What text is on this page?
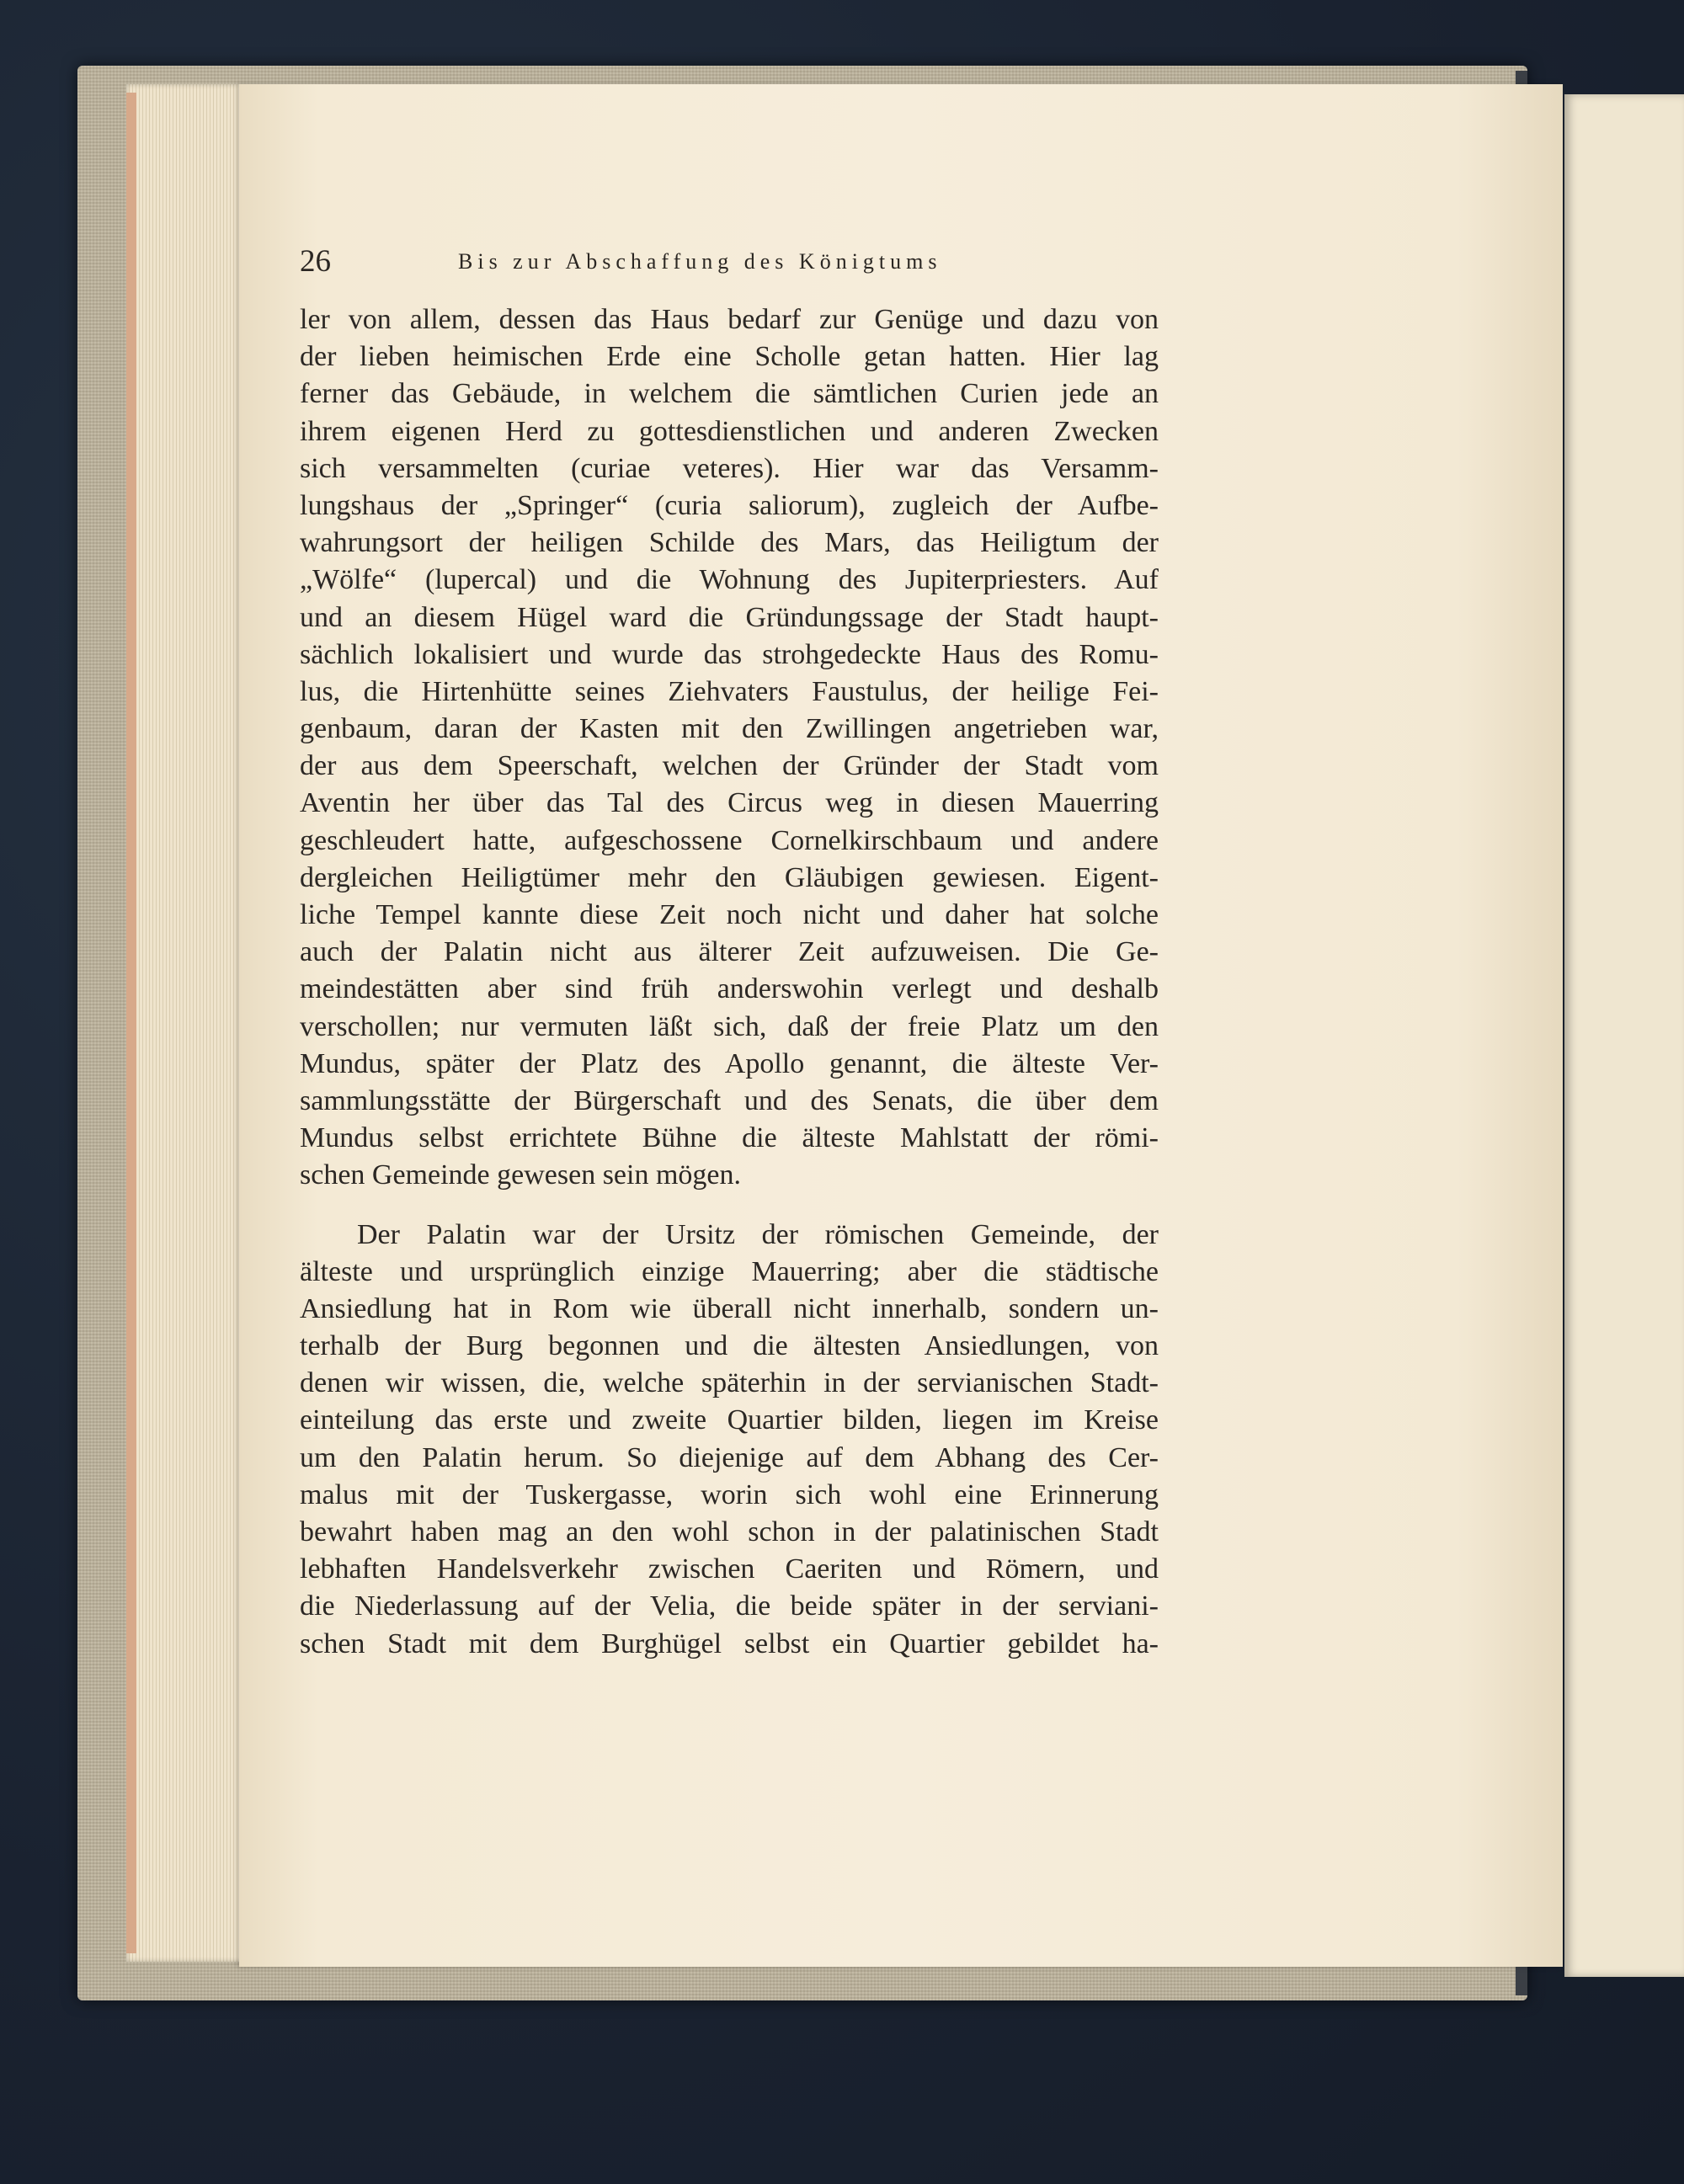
26	Bis zur Abschaffung des Königtums
ler von allem, dessen das Haus bedarf zur Genüge und dazu von
der lieben heimischen Erde eine Scholle getan hatten. Hier lag
ferner das Gebäude, in welchem die sämtlichen Curien jede an
ihrem eigenen Herd zu gottesdienstlichen und anderen Zwecken
sich versammelten (curiae veteres). Hier war das Versamm-
lungshaus der „Springer“ (curia saliorum), zugleich der Aufbe-
wahrungsort der heiligen Schilde des Mars, das Heiligtum der
„Wölfe“ (lupercal) und die Wohnung des Jupiterpriesters. Auf
und an diesem Hügel ward die Gründungssage der Stadt haupt-
sächlich lokalisiert und wurde das strohgedeckte Haus des Romu-
lus, die Hirtenhütte seines Ziehvaters Faustulus, der heilige Fei-
genbaum, daran der Kasten mit den Zwillingen angetrieben war,
der aus dem Speerschaft, welchen der Gründer der Stadt vom
Aventin her über das Tal des Circus weg in diesen Mauerring
geschleudert hatte, aufgeschossene Cornelkirschbaum und andere
dergleichen Heiligtümer mehr den Gläubigen gewiesen. Eigent-
liche Tempel kannte diese Zeit noch nicht und daher hat solche
auch der Palatin nicht aus älterer Zeit aufzuweisen. Die Ge-
meindestätten aber sind früh anderswohin verlegt und deshalb
verschollen; nur vermuten läßt sich, daß der freie Platz um den
Mundus, später der Platz des Apollo genannt, die älteste Ver-
sammlungsstätte der Bürgerschaft und des Senats, die über dem
Mundus selbst errichtete Bühne die älteste Mahlstatt der römi-
schen Gemeinde gewesen sein mögen.
Der Palatin war der Ursitz der römischen Gemeinde, der
älteste und ursprünglich einzige Mauerring; aber die städtische
Ansiedlung hat in Rom wie überall nicht innerhalb, sondern un-
terhalb der Burg begonnen und die ältesten Ansiedlungen, von
denen wir wissen, die, welche späterhin in der servianischen Stadt-
einteilung das erste und zweite Quartier bilden, liegen im Kreise
um den Palatin herum. So diejenige auf dem Abhang des Cer-
malus mit der Tuskergasse, worin sich wohl eine Erinnerung
bewahrt haben mag an den wohl schon in der palatinischen Stadt
lebhaften Handelsverkehr zwischen Caeriten und Römern, und
die Niederlassung auf der Velia, die beide später in der serviani-
schen Stadt mit dem Burghügel selbst ein Quartier gebildet ha-
